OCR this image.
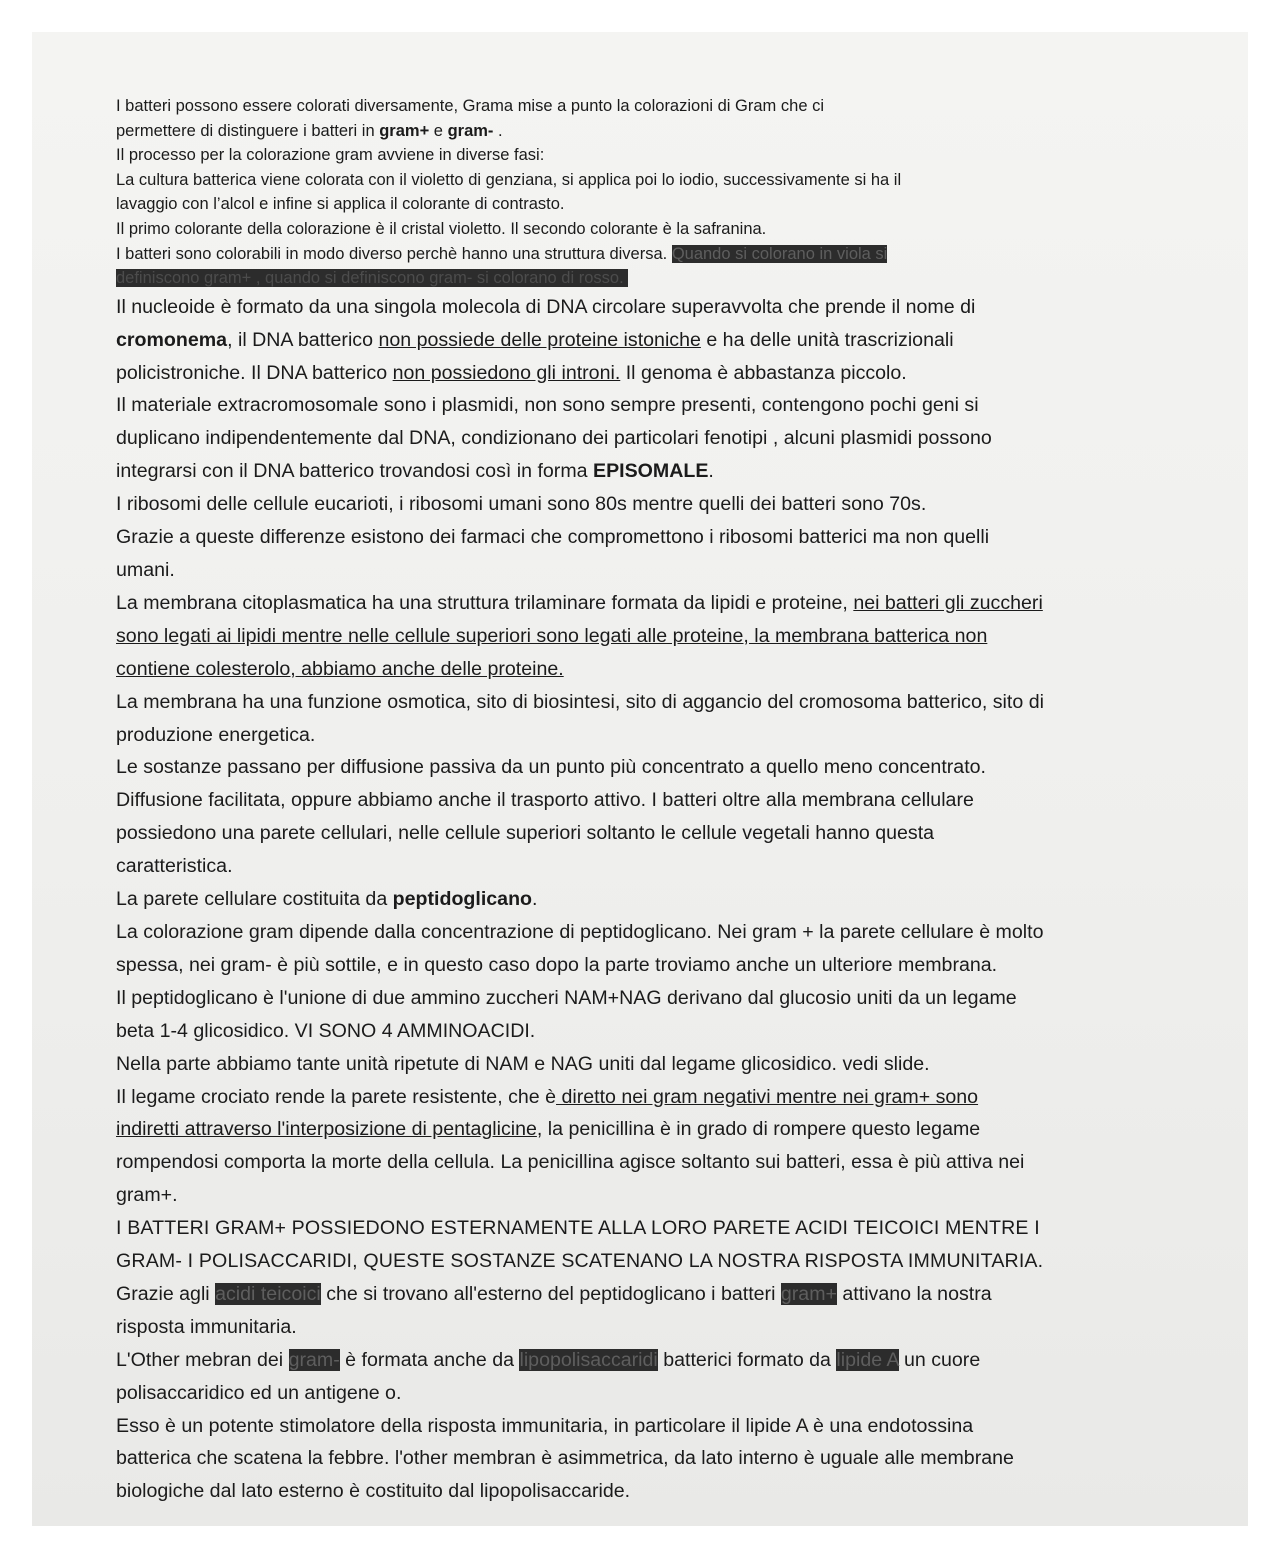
I batteri possono essere colorati diversamente, Grama mise a punto la colorazioni di Gram che ci

permettere di distinguere i batteri in gram+ e gram- .

Il processo per la colorazione gram avviene in diverse fasi:

La cultura batterica viene colorata con il violetto di genziana, si applica poi lo iodio, successivamente si ha il

lavaggio con l’alcol e infine si applica il colorante di contrasto.

Il primo colorante della colorazione è il cristal violetto. Il secondo colorante è la safranina.

I batteri sono colorabili in modo diverso perchè hanno una struttura diversa. Quando si colorano in viola si

definiscono gram+ , quando si definiscono gram- si colorano di rosso.

Il nucleoide è formato da una singola molecola di DNA circolare superavvolta che prende il nome di

cromonema, il DNA batterico non possiede delle proteine istoniche e ha delle unità trascrizionali

policistroniche. Il DNA batterico non possiedono gli introni. Il genoma è abbastanza piccolo.

Il materiale extracromosomale sono i plasmidi, non sono sempre presenti, contengono pochi geni si

duplicano indipendentemente dal DNA, condizionano dei particolari fenotipi , alcuni plasmidi possono

integrarsi con il DNA batterico trovandosi così in forma EPISOMALE.

I ribosomi delle cellule eucarioti, i ribosomi umani sono 80s mentre quelli dei batteri sono 70s.

Grazie a queste differenze esistono dei farmaci che compromettono i ribosomi batterici ma non quelli

umani.

La membrana citoplasmatica ha una struttura trilaminare formata da lipidi e proteine, nei batteri gli zuccheri

sono legati ai lipidi mentre nelle cellule superiori sono legati alle proteine, la membrana batterica non

contiene colesterolo, abbiamo anche delle proteine.

La membrana ha una funzione osmotica, sito di biosintesi, sito di aggancio del cromosoma batterico, sito di

produzione energetica.

Le sostanze passano per diffusione passiva da un punto più concentrato a quello meno concentrato.

Diffusione facilitata, oppure abbiamo anche il trasporto attivo. I batteri oltre alla membrana cellulare

possiedono una parete cellulari, nelle cellule superiori soltanto le cellule vegetali hanno questa

caratteristica.

La parete cellulare costituita da peptidoglicano.

La colorazione gram dipende dalla concentrazione di peptidoglicano. Nei gram + la parete cellulare è molto

spessa, nei gram- è più sottile, e in questo caso dopo la parte troviamo anche un ulteriore membrana.

Il peptidoglicano è l'unione di due ammino zuccheri NAM+NAG derivano dal glucosio uniti da un legame

beta 1-4 glicosidico. VI SONO 4 AMMINOACIDI.

Nella parte abbiamo tante unità ripetute di NAM e NAG uniti dal legame glicosidico. vedi slide.

Il legame crociato rende la parete resistente, che è diretto nei gram negativi mentre nei gram+ sono

indiretti attraverso l'interposizione di pentaglicine, la penicillina è in grado di rompere questo legame

rompendosi comporta la morte della cellula. La penicillina agisce soltanto sui batteri, essa è più attiva nei

gram+.

I BATTERI GRAM+ POSSIEDONO ESTERNAMENTE ALLA LORO PARETE ACIDI TEICOICI MENTRE I

GRAM- I POLISACCARIDI, QUESTE SOSTANZE SCATENANO LA NOSTRA RISPOSTA IMMUNITARIA.

Grazie agli acidi teicoici che si trovano all'esterno del peptidoglicano i batteri gram+ attivano la nostra

risposta immunitaria.

L'Other mebran dei gram- è formata anche da lipopolisaccaridi batterici formato da lipide A un cuore

polisaccaridico ed un antigene o.

Esso è un potente stimolatore della risposta immunitaria, in particolare il lipide A è una endotossina

batterica che scatena la febbre. l'other membran è asimmetrica, da lato interno è uguale alle membrane

biologiche dal lato esterno è costituito dal lipopolisaccaride.
